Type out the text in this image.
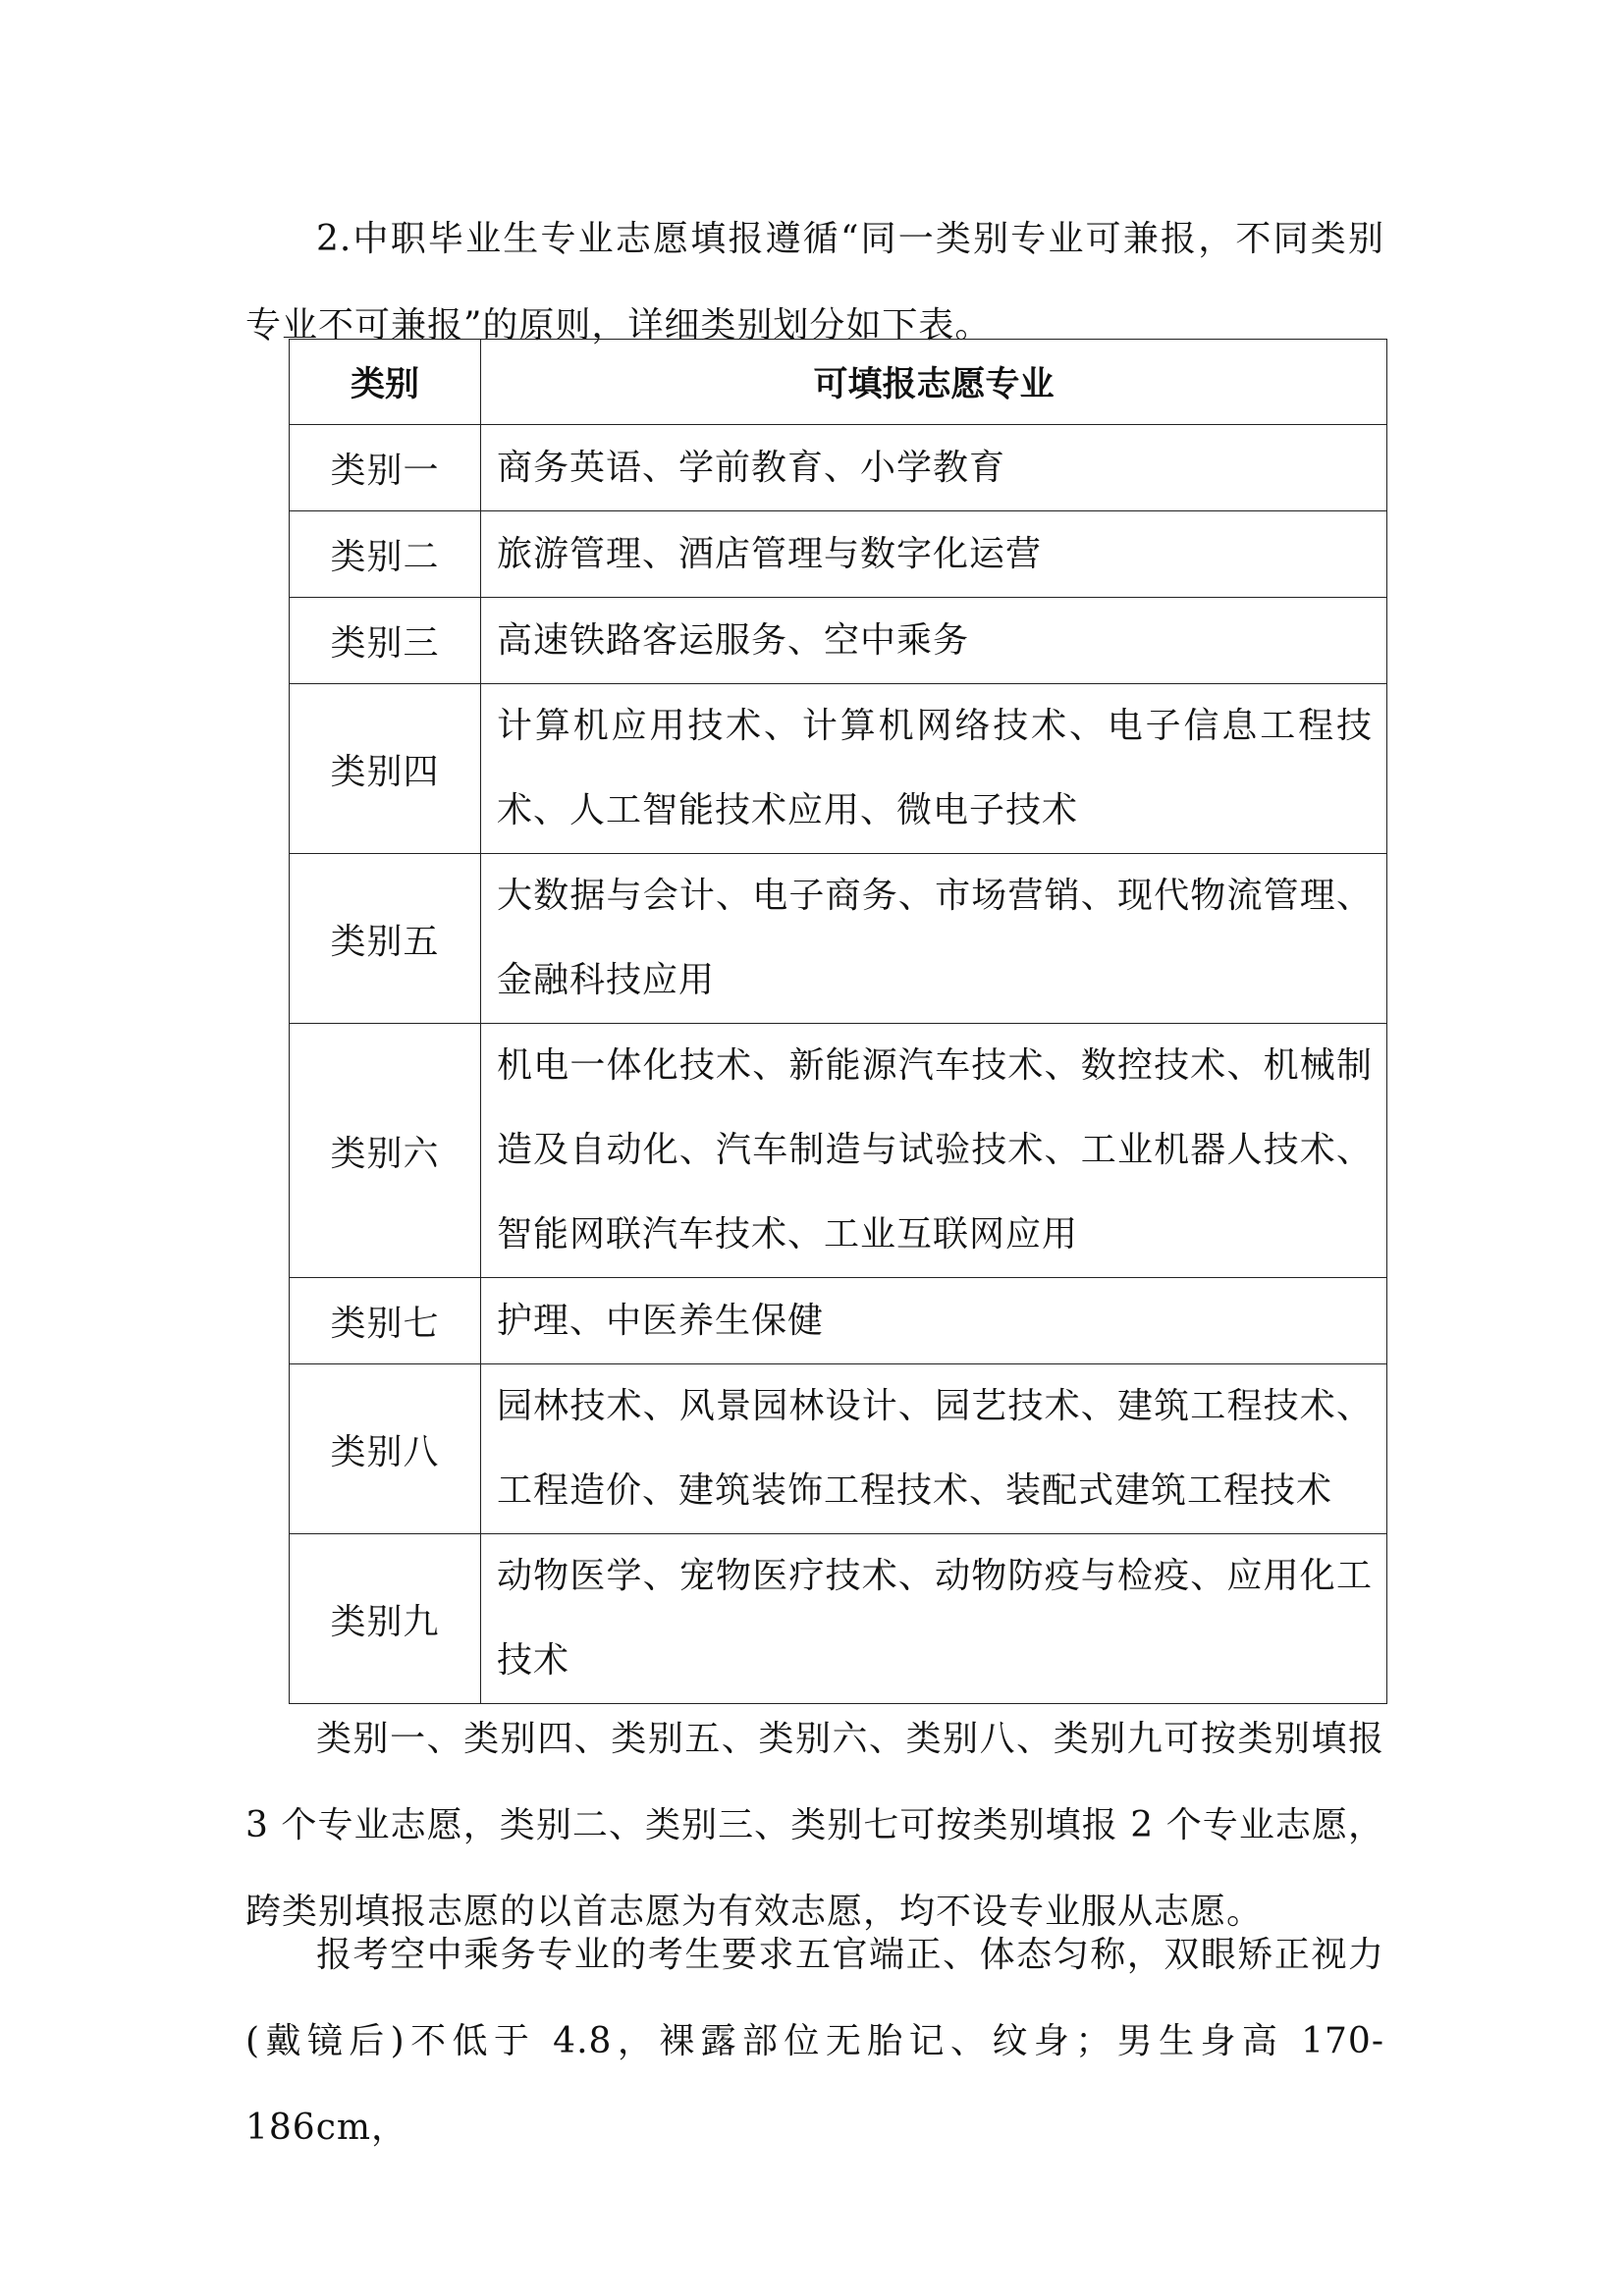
2.中职毕业生专业志愿填报遵循“同一类别专业可兼报，不同类别专业不可兼报”的原则，详细类别划分如下表。

类别	可填报志愿专业
类别一	商务英语、学前教育、小学教育
类别二	旅游管理、酒店管理与数字化运营
类别三	高速铁路客运服务、空中乘务
类别四	计算机应用技术、计算机网络技术、电子信息工程技术、人工智能技术应用、微电子技术
类别五	大数据与会计、电子商务、市场营销、现代物流管理、金融科技应用
类别六	机电一体化技术、新能源汽车技术、数控技术、机械制造及自动化、汽车制造与试验技术、工业机器人技术、智能网联汽车技术、工业互联网应用
类别七	护理、中医养生保健
类别八	园林技术、风景园林设计、园艺技术、建筑工程技术、工程造价、建筑装饰工程技术、装配式建筑工程技术
类别九	动物医学、宠物医疗技术、动物防疫与检疫、应用化工技术

类别一、类别四、类别五、类别六、类别八、类别九可按类别填报 3 个专业志愿，类别二、类别三、类别七可按类别填报 2 个专业志愿，跨类别填报志愿的以首志愿为有效志愿，均不设专业服从志愿。

报考空中乘务专业的考生要求五官端正、体态匀称，双眼矫正视力(戴镜后)不低于 4.8，裸露部位无胎记、纹身；男生身高 170-186cm，
